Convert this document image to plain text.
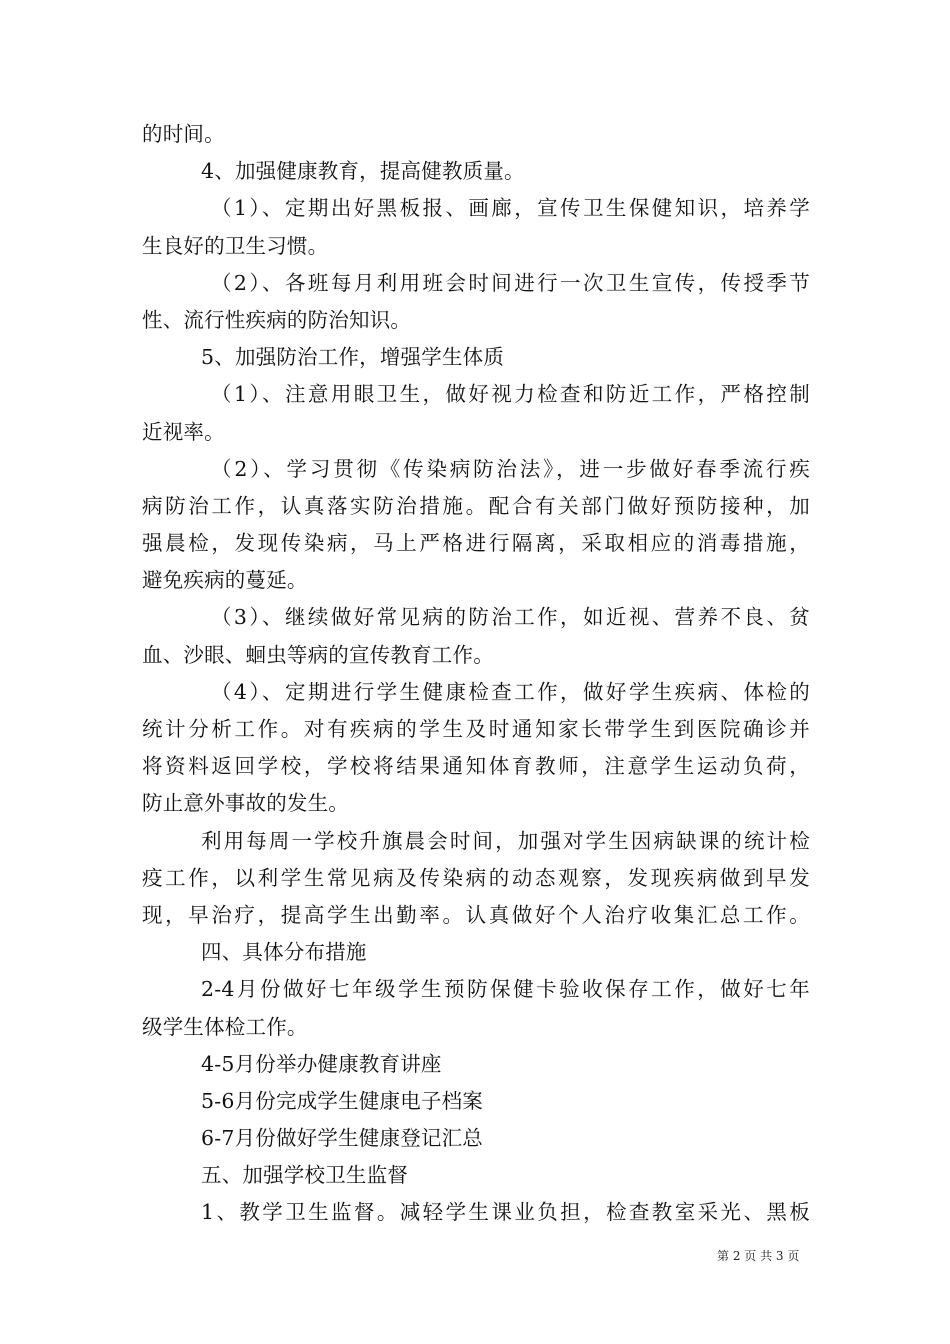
的时间。
4、加强健康教育，提高健教质量。
（1）、定期出好黑板报、画廊，宣传卫生保健知识，培养学
生良好的卫生习惯。
（2）、各班每月利用班会时间进行一次卫生宣传，传授季节
性、流行性疾病的防治知识。
5、加强防治工作，增强学生体质
（1）、注意用眼卫生，做好视力检查和防近工作，严格控制
近视率。
（2）、学习贯彻《传染病防治法》，进一步做好春季流行疾
病防治工作，认真落实防治措施。配合有关部门做好预防接种，加
强晨检，发现传染病，马上严格进行隔离，采取相应的消毒措施，
避免疾病的蔓延。
（3）、继续做好常见病的防治工作，如近视、营养不良、贫
血、沙眼、蛔虫等病的宣传教育工作。
（4）、定期进行学生健康检查工作，做好学生疾病、体检的
统计分析工作。对有疾病的学生及时通知家长带学生到医院确诊并
将资料返回学校，学校将结果通知体育教师，注意学生运动负荷，
防止意外事故的发生。
利用每周一学校升旗晨会时间，加强对学生因病缺课的统计检
疫工作，以利学生常见病及传染病的动态观察，发现疾病做到早发
现，早治疗，提高学生出勤率。认真做好个人治疗收集汇总工作。
四、具体分布措施
2-4月份做好七年级学生预防保健卡验收保存工作，做好七年
级学生体检工作。
4-5月份举办健康教育讲座
5-6月份完成学生健康电子档案
6-7月份做好学生健康登记汇总
五、加强学校卫生监督
1、教学卫生监督。减轻学生课业负担，检查教室采光、黑板
第 2 页 共 3 页
